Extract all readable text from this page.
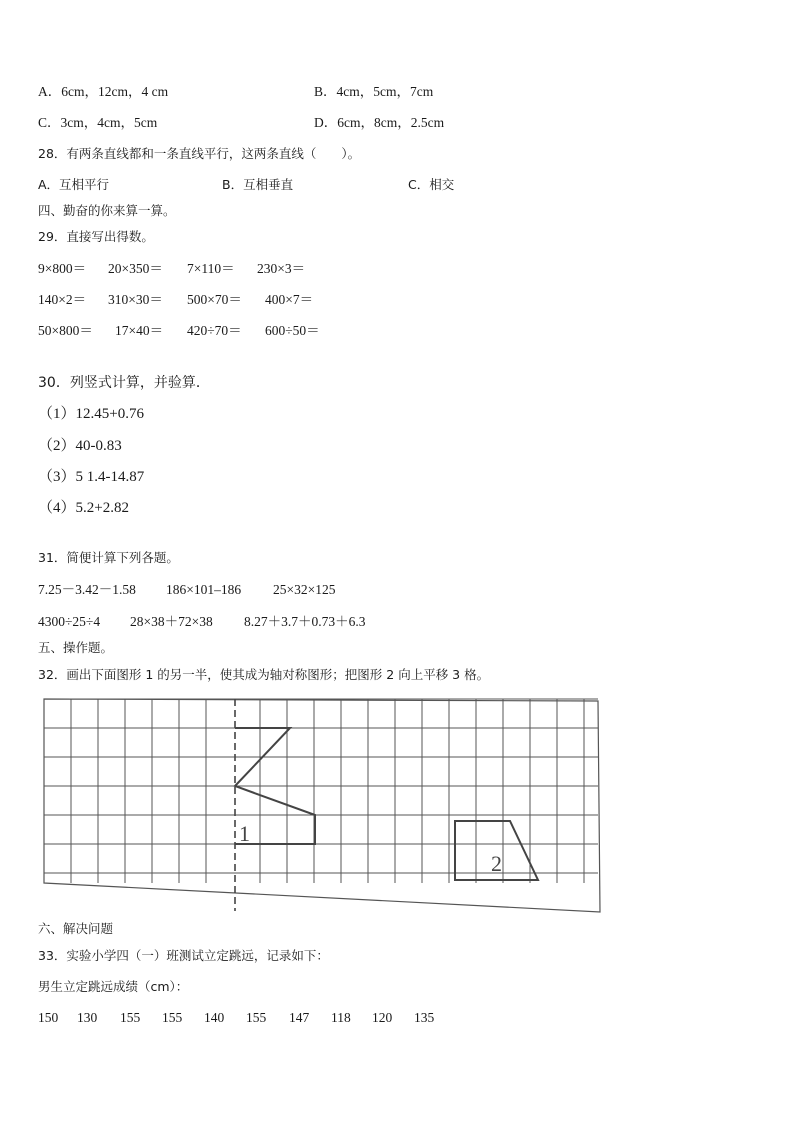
A．6cm，12cm，4 cm	B．4cm，5cm，7cm
C．3cm，4cm，5cm	D．6cm，8cm，2.5cm
28．有两条直线都和一条直线平行，这两条直线（　　）。
A．互相平行	B．互相垂直	C．相交
四、勤奋的你来算一算。
29．直接写出得数。
9×800＝ 20×350＝ 7×110＝ 230×3＝
140×2＝ 310×30＝ 500×70＝ 400×7＝
50×800＝ 17×40＝ 420÷70＝ 600÷50＝
30．列竖式计算，并验算．
（1）12.45+0.76
（2）40-0.83
（3）5 1.4-14.87
（4）5.2+2.82
31．简便计算下列各题。
7.25－3.42－1.58 186×101–186 25×32×125
4300÷25÷4 28×38＋72×38 8.27＋3.7＋0.73＋6.3
五、操作题。
32．画出下面图形 1 的另一半，使其成为轴对称图形；把图形 2 向上平移 3 格。
1
2
六、解决问题
33．实验小学四（一）班测试立定跳远，记录如下：
男生立定跳远成绩（cm）：
150 130 155 155 140 155 147 118 120 135
